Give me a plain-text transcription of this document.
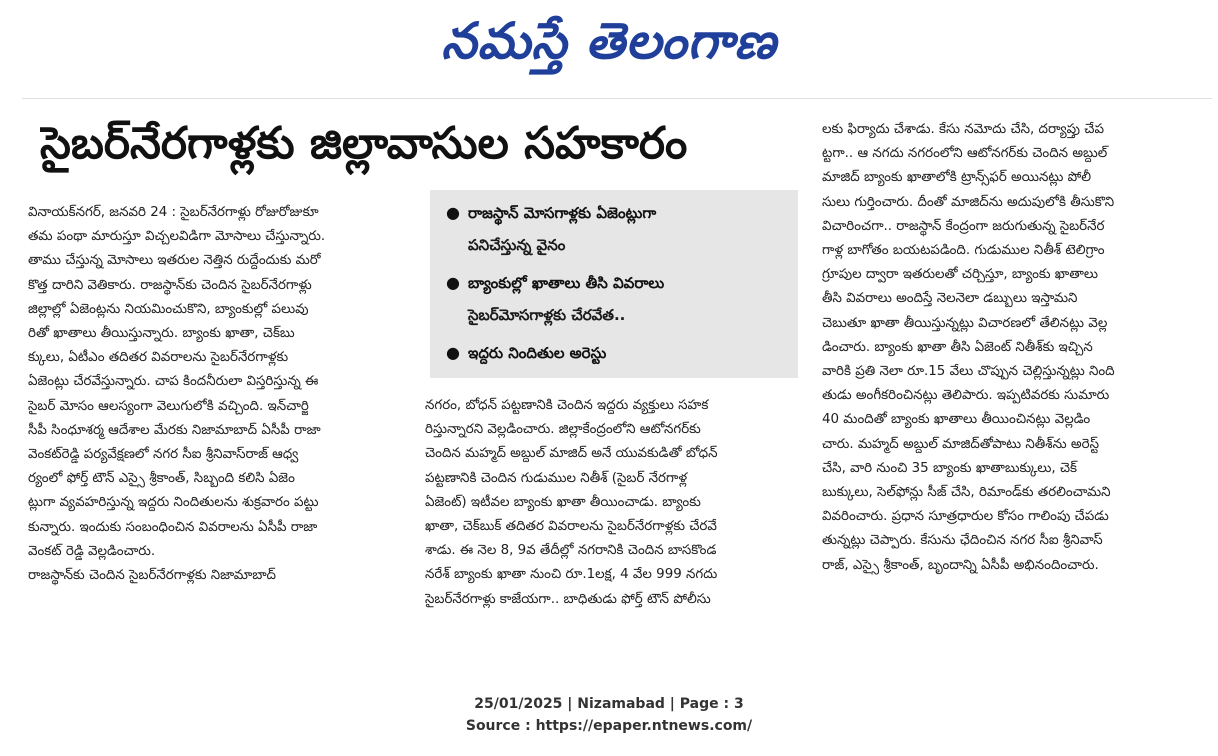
నమస్తే తెలంగాణ
సైబర్‌నేరగాళ్లకు జిల్లావాసుల సహకారం
● రాజస్థాన్ మోసగాళ్లకు ఏజెంట్లుగా
పనిచేస్తున్న వైనం
● బ్యాంకుల్లో ఖాతాలు తీసి వివరాలు
సైబర్‌మోసగాళ్లకు చేరవేత..
● ఇద్దరు నిందితుల అరెస్టు

వినాయక్‌నగర్, జనవరి 24 : సైబర్‌నేరగాళ్లు రోజురోజుకూ

తమ పంథా మారుస్తూ విచ్చలవిడిగా మోసాలు చేస్తున్నారు.

తాము చేస్తున్న మోసాలు ఇతరుల నెత్తిన రుద్దేందుకు మరో

కొత్త దారిని వెతికారు. రాజస్థాన్‌కు చెందిన సైబర్‌నేరగాళ్లు

జిల్లాల్లో ఏజెంట్లను నియమించుకొని, బ్యాంకుల్లో పలువు

రితో ఖాతాలు తీయిస్తున్నారు. బ్యాంకు ఖాతా, చెక్‌బు

క్కులు, ఏటీఎం తదితర వివరాలను సైబర్‌నేరగాళ్లకు

ఏజెంట్లు చేరవేస్తున్నారు. చాప కిందనీరులా విస్తరిస్తున్న ఈ

సైబర్ మోసం ఆలస్యంగా వెలుగులోకి వచ్చింది. ఇన్‌చార్జి

సీపీ సింధూశర్మ ఆదేశాల మేరకు నిజామాబాద్ ఏసీపీ రాజా

వెంకట్‌రెడ్డి పర్యవేక్షణలో నగర సీఐ శ్రీనివాస్‌రాజ్ ఆధ్వ

ర్యంలో ఫోర్త్ టౌన్ ఎస్సై శ్రీకాంత్, సిబ్బంది కలిసి ఏజెం

ట్లుగా వ్యవహరిస్తున్న ఇద్దరు నిందితులను శుక్రవారం పట్టు

కున్నారు. ఇందుకు సంబంధించిన వివరాలను ఏసీపీ రాజా

వెంకట్ రెడ్డి వెల్లడించారు.

రాజస్థాన్‌కు చెందిన సైబర్‌నేరగాళ్లకు నిజామాబాద్

నగరం, బోధన్ పట్టణానికి చెందిన ఇద్దరు వ్యక్తులు సహక

రిస్తున్నారని వెల్లడించారు. జిల్లాకేంద్రంలోని ఆటోనగర్‌కు

చెందిన మహ్మద్ అబ్దుల్ మాజిద్ అనే యువకుడితో బోధన్

పట్టణానికి చెందిన గుడుముల నితీశ్ (సైబర్ నేరగాళ్ల

ఏజెంట్) ఇటీవల బ్యాంకు ఖాతా తీయించాడు. బ్యాంకు

ఖాతా, చెక్‌బుక్ తదితర వివరాలను సైబర్‌నేరగాళ్లకు చేరవే

శాడు. ఈ నెల 8, 9వ తేదీల్లో నగరానికి చెందిన బాసకొండ

నరేశ్ బ్యాంకు ఖాతా నుంచి రూ.1లక్ష, 4 వేల 999 నగదు

సైబర్‌నేరగాళ్లు కాజేయగా.. బాధితుడు ఫోర్త్ టౌన్ పోలీసు

లకు ఫిర్యాదు చేశాడు. కేసు నమోదు చేసి, దర్యాప్తు చేప

ట్టగా.. ఆ నగదు నగరంలోని ఆటోనగర్‌కు చెందిన అబ్దుల్

మాజిద్ బ్యాంకు ఖాతాలోకి ట్రాన్స్‌ఫర్ అయినట్లు పోలీ

సులు గుర్తించారు. దీంతో మాజిద్‌ను అదుపులోకి తీసుకొని

విచారించగా.. రాజస్థాన్ కేంద్రంగా జరుగుతున్న సైబర్‌నేర

గాళ్ల బాగోతం బయటపడింది. గుడుముల నితీశ్ టెలిగ్రాం

గ్రూపుల ద్వారా ఇతరులతో చర్చిస్తూ, బ్యాంకు ఖాతాలు

తీసి వివరాలు అందిస్తే నెలనెలా డబ్బులు ఇస్తామని

చెబుతూ ఖాతా తీయిస్తున్నట్లు విచారణలో తేలినట్లు వెల్ల

డించారు. బ్యాంకు ఖాతా తీసి ఏజెంట్ నితీశ్‌కు ఇచ్చిన

వారికి ప్రతి నెలా రూ.15 వేలు చొప్పున చెల్లిస్తున్నట్లు నింది

తుడు అంగీకరించినట్లు తెలిపారు. ఇప్పటివరకు సుమారు

40 మందితో బ్యాంకు ఖాతాలు తీయించినట్లు వెల్లడిం

చారు. మహ్మద్ అబ్దుల్ మాజిద్‌తోపాటు నితీశ్‌ను అరెస్ట్

చేసి, వారి నుంచి 35 బ్యాంకు ఖాతాబుక్కులు, చెక్

బుక్కులు, సెల్‌ఫోన్లు సీజ్ చేసి, రిమాండ్‌కు తరలించామని

వివరించారు. ప్రధాన సూత్రధారుల కోసం గాలింపు చేపడు

తున్నట్లు చెప్పారు. కేసును ఛేదించిన నగర సీఐ శ్రీనివాస్

రాజ్, ఎస్సై శ్రీకాంత్, బృందాన్ని ఏసీపీ అభినందించారు.

25/01/2025 | Nizamabad | Page : 3
Source : https://epaper.ntnews.com/
